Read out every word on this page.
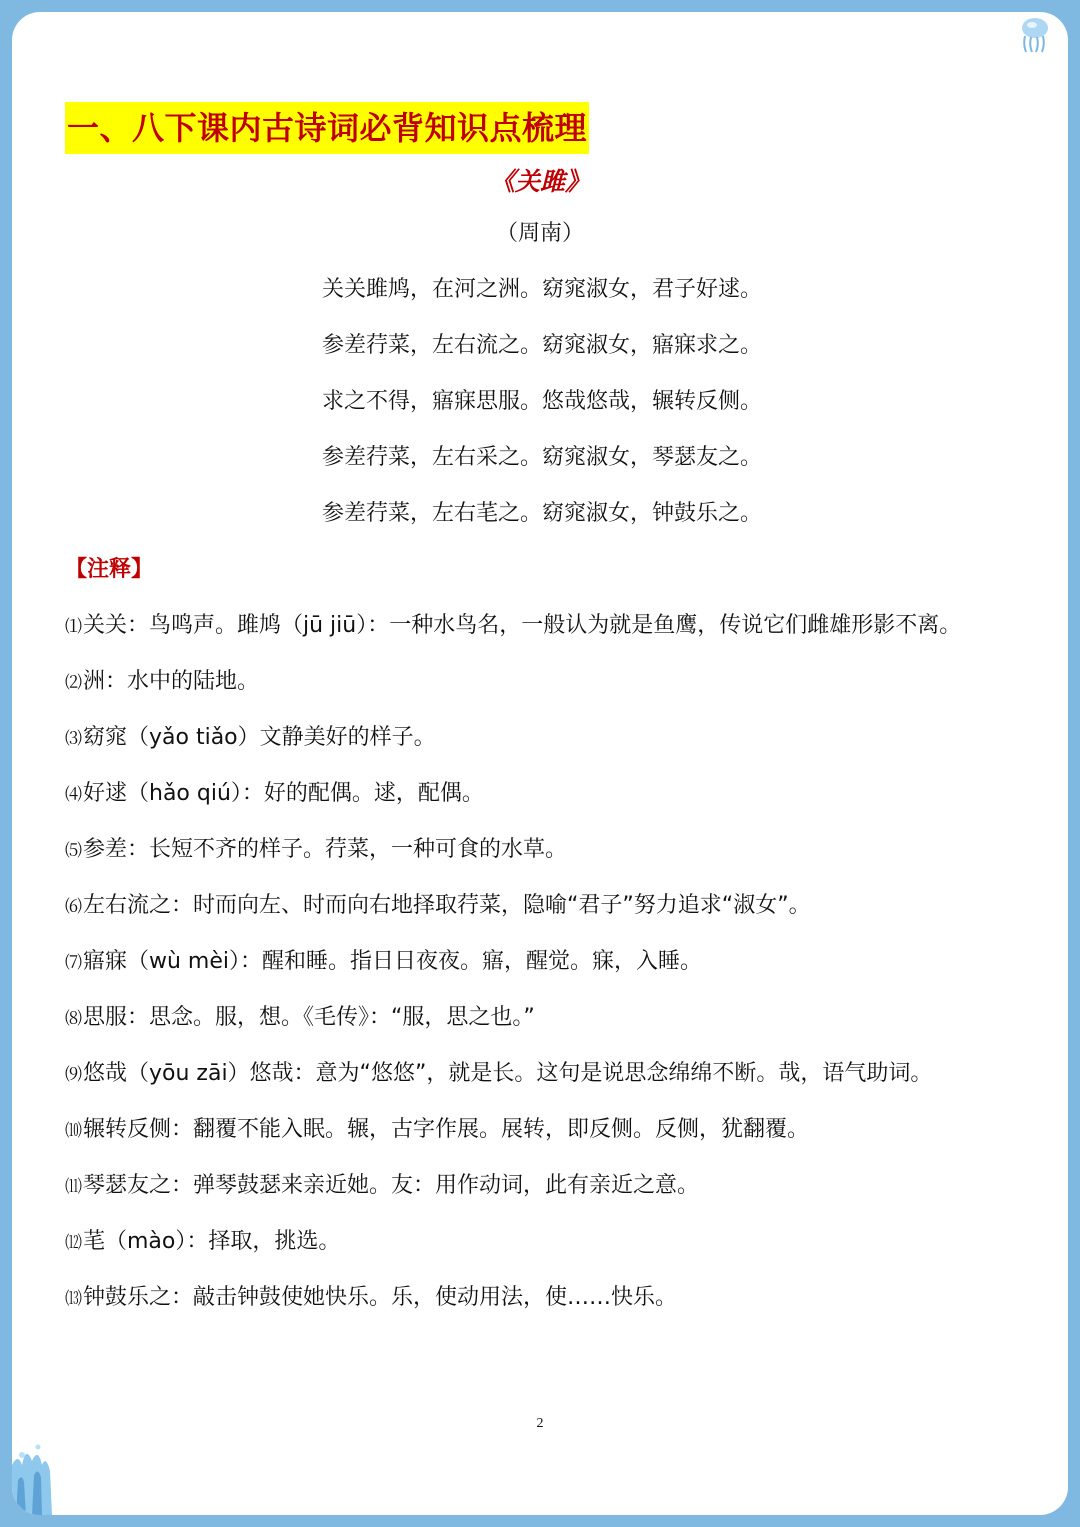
一、八下课内古诗词必背知识点梳理
《关雎》
（周南）
关关雎鸠，在河之洲。窈窕淑女，君子好逑。
参差荇菜，左右流之。窈窕淑女，寤寐求之。
求之不得，寤寐思服。悠哉悠哉，辗转反侧。
参差荇菜，左右采之。窈窕淑女，琴瑟友之。
参差荇菜，左右芼之。窈窕淑女，钟鼓乐之。
【注释】
⑴关关：鸟鸣声。雎鸠（jū jiū）：一种水鸟名，一般认为就是鱼鹰，传说它们雌雄形影不离。
⑵洲：水中的陆地。
⑶窈窕（yǎo tiǎo）文静美好的样子。
⑷好逑（hǎo qiú）：好的配偶。逑，配偶。
⑸参差：长短不齐的样子。荇菜，一种可食的水草。
⑹左右流之：时而向左、时而向右地择取荇菜，隐喻“君子”努力追求“淑女”。
⑺寤寐（wù mèi）：醒和睡。指日日夜夜。寤，醒觉。寐，入睡。
⑻思服：思念。服，想。《毛传》：“服，思之也。”
⑼悠哉（yōu zāi）悠哉：意为“悠悠”，就是长。这句是说思念绵绵不断。哉，语气助词。
⑽辗转反侧：翻覆不能入眠。辗，古字作展。展转，即反侧。反侧，犹翻覆。
⑾琴瑟友之：弹琴鼓瑟来亲近她。友：用作动词，此有亲近之意。
⑿芼（mào）：择取，挑选。
⒀钟鼓乐之：敲击钟鼓使她快乐。乐，使动用法，使……快乐。
2
